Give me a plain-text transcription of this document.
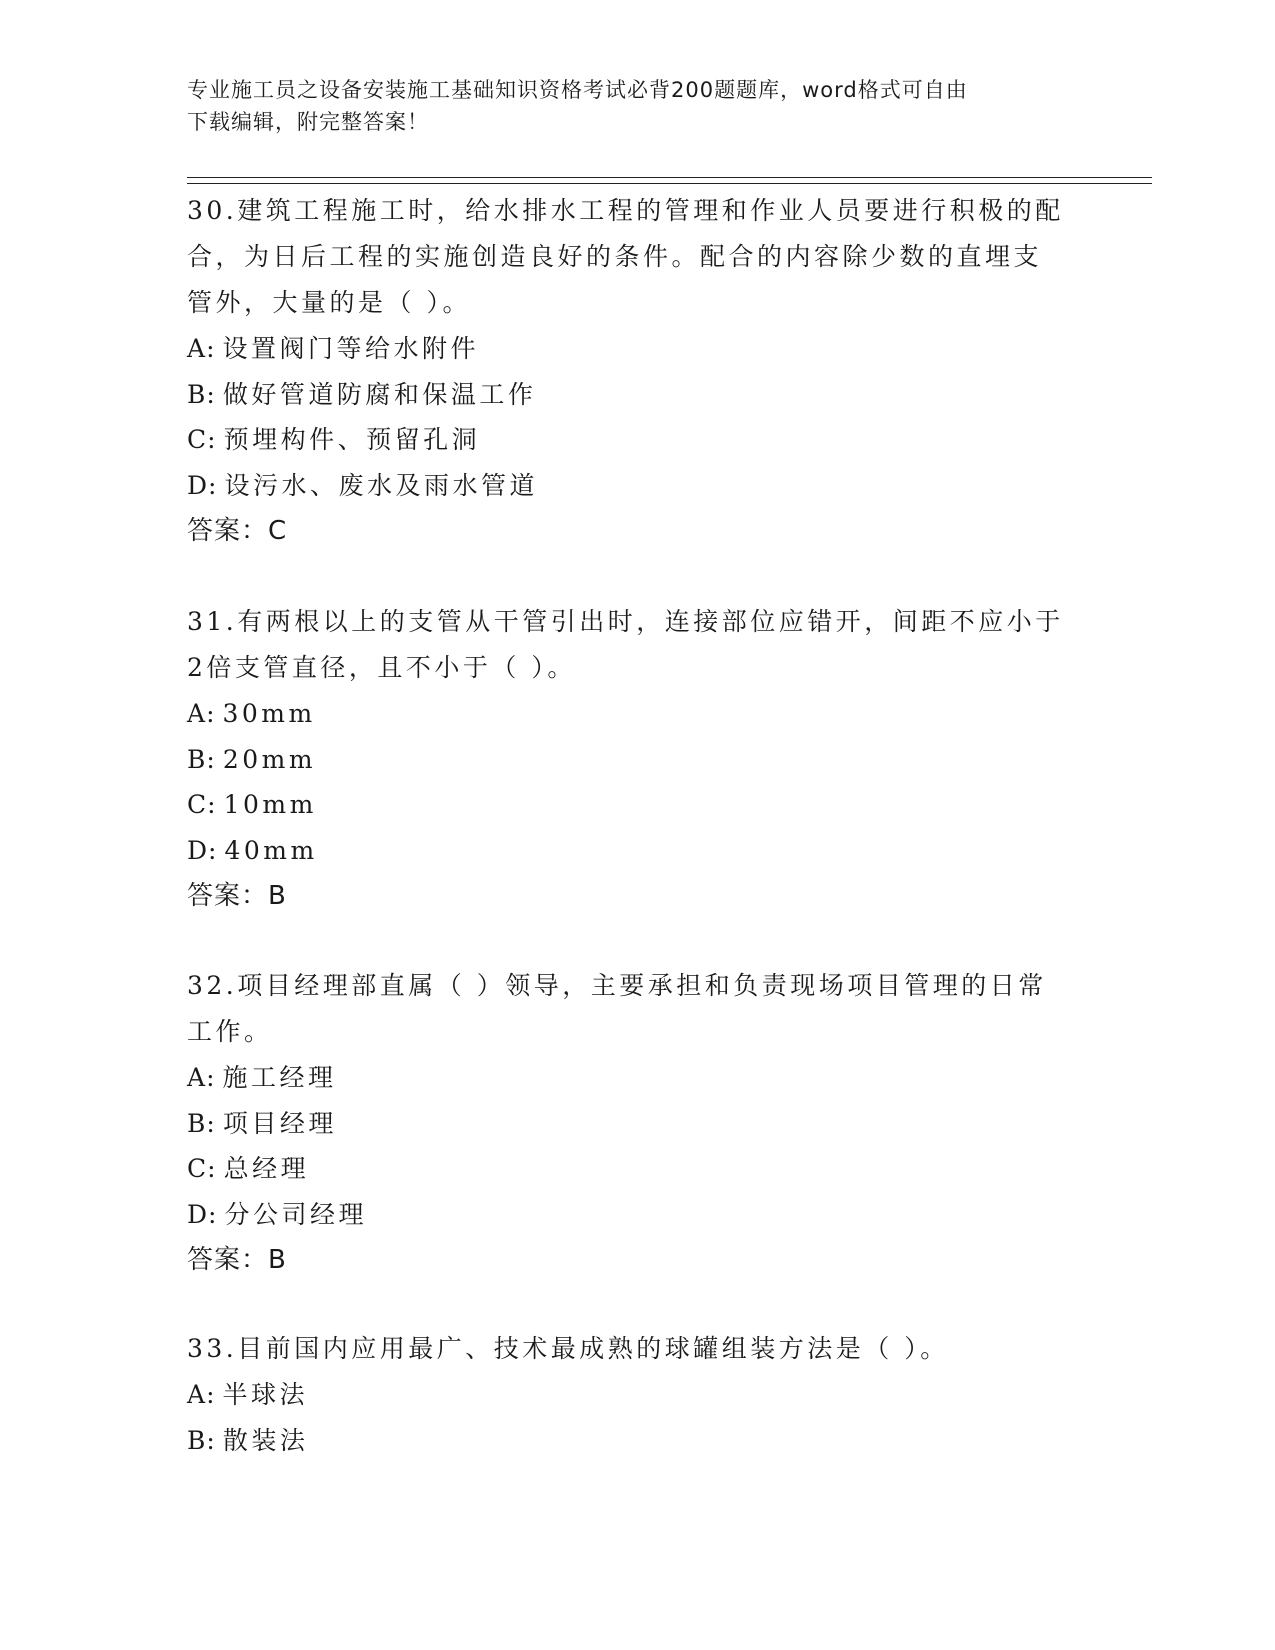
专业施工员之设备安装施工基础知识资格考试必背200题题库，word格式可自由
下载编辑，附完整答案！

30.建筑工程施工时，给水排水工程的管理和作业人员要进行积极的配

合，为日后工程的实施创造良好的条件。配合的内容除少数的直埋支

管外，大量的是（ ）。

A:设置阀门等给水附件

B:做好管道防腐和保温工作

C:预埋构件、预留孔洞

D:设污水、废水及雨水管道

答案：C

31.有两根以上的支管从干管引出时，连接部位应错开，间距不应小于

2倍支管直径，且不小于（ ）。

A:30mm

B:20mm

C:10mm

D:40mm

答案：B

32.项目经理部直属（ ）领导，主要承担和负责现场项目管理的日常

工作。

A:施工经理

B:项目经理

C:总经理

D:分公司经理

答案：B

33.目前国内应用最广、技术最成熟的球罐组装方法是（ ）。

A:半球法

B:散装法
